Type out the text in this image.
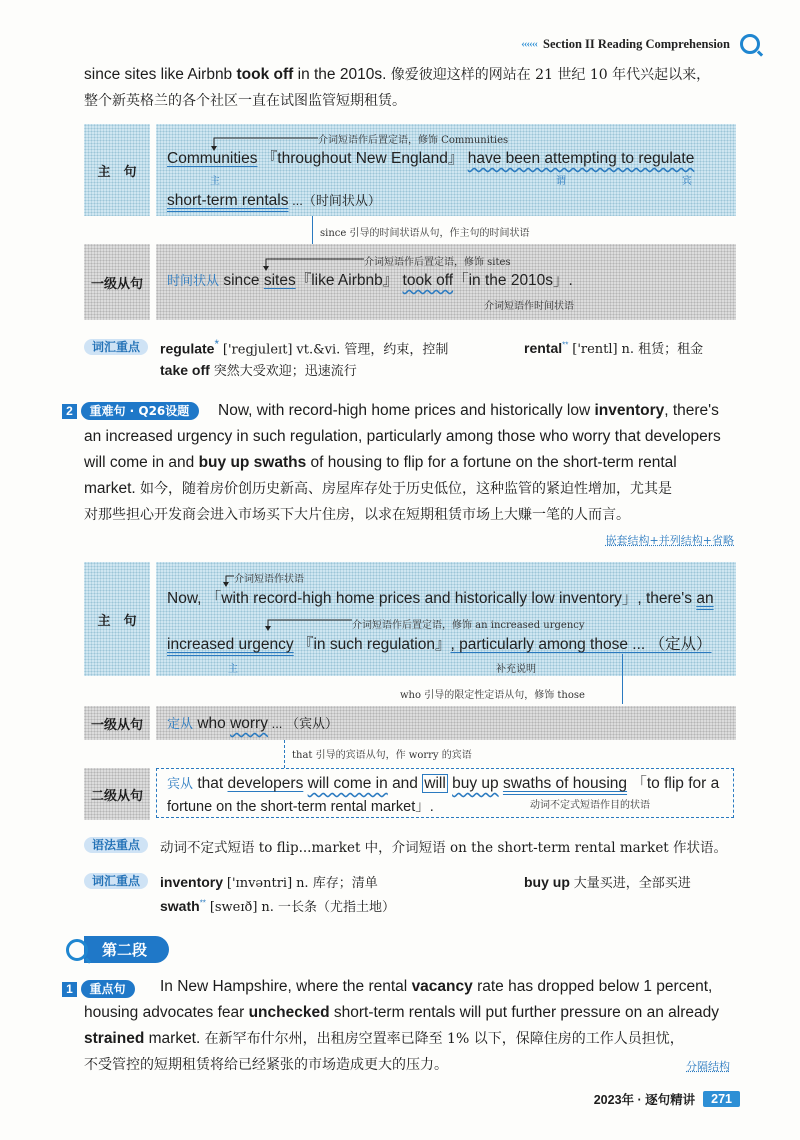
‹‹‹‹‹‹ Section II Reading Comprehension
since sites like Airbnb took off in the 2010s. 像爱彼迎这样的网站在 21 世纪 10 年代兴起以来，
整个新英格兰的各个社区一直在试图监管短期租赁。
主　句
介词短语作后置定语，修饰 Communities
Communities 『throughout New England』 have been attempting to regulate
主	谓	宾
short-term rentals ...（时间状从）
since 引导的时间状语从句，作主句的时间状语
一级从句
介词短语作后置定语，修饰 sites
时间状从 since sites『like Airbnb』 took off「in the 2010s」.
介词短语作时间状语
词汇重点	regulate* ['regjuleɪt] vt.&vi. 管理，约束，控制	rental** ['rentl] n. 租赁；租金
take off 突然大受欢迎；迅速流行
2 重难句 · Q26设题	Now, with record-high home prices and historically low inventory, there's
an increased urgency in such regulation, particularly among those who worry that developers
will come in and buy up swaths of housing to flip for a fortune on the short-term rental
market. 如今，随着房价创历史新高、房屋库存处于历史低位，这种监管的紧迫性增加，尤其是
对那些担心开发商会进入市场买下大片住房，以求在短期租赁市场上大赚一笔的人而言。
嵌套结构+并列结构+省略
主　句
介词短语作状语
Now, 「with record-high home prices and historically low inventory」, there's an
介词短语作后置定语，修饰 an increased urgency
increased urgency 『in such regulation』, particularly among those ... （定从）
主	补充说明
who 引导的限定性定语从句，修饰 those
一级从句	定从 who worry ... （宾从）
that 引导的宾语从句，作 worry 的宾语
二级从句
宾从 that developers will come in and will buy up swaths of housing 「to flip for a
fortune on the short-term rental market」.	动词不定式短语作目的状语
语法重点	动词不定式短语 to flip...market 中，介词短语 on the short-term rental market 作状语。
词汇重点	inventory ['ɪnvəntri] n. 库存；清单	buy up 大量买进，全部买进
swath** [sweɪð] n. 一长条（尤指土地）
第二段
1 重点句	In New Hampshire, where the rental vacancy rate has dropped below 1 percent,
housing advocates fear unchecked short-term rentals will put further pressure on an already
strained market. 在新罕布什尔州，出租房空置率已降至 1% 以下，保障住房的工作人员担忧，
不受管控的短期租赁将给已经紧张的市场造成更大的压力。	分隔结构
2023年 · 逐句精讲	271
